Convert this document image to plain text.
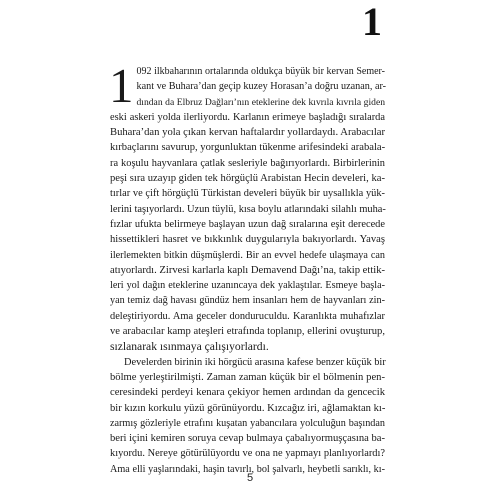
1

1 092 ilkbaharının ortalarında oldukça büyük bir kervan Semer-
kant ve Buhara’dan geçip kuzey Horasan’a doğru uzanan, ar-
dından da Elbruz Dağları’nın eteklerine dek kıvrıla kıvrıla giden
eski askeri yolda ilerliyordu. Karlanın erimeye başladığı sıralarda
Buhara’dan yola çıkan kervan haftalardır yollardaydı. Arabacılar
kırbaçlarını savurup, yorgunluktan tükenme arifesindeki arabala-
ra koşulu hayvanlara çatlak sesleriyle bağırıyorlardı. Birbirlerinin
peşi sıra uzayıp giden tek hörgüçlü Arabistan Hecin develeri, ka-
tırlar ve çift hörgüçlü Türkistan develeri büyük bir uysallıkla yük-
lerini taşıyorlardı. Uzun tüylü, kısa boylu atlarındaki silahlı muha-
fızlar ufukta belirmeye başlayan uzun dağ sıralarına eşit derecede
hissettikleri hasret ve bıkkınlık duygularıyla bakıyorlardı. Yavaş
ilerlemekten bitkin düşmüşlerdi. Bir an evvel hedefe ulaşmaya can
atıyorlardı. Zirvesi karlarla kaplı Demavend Dağı’na, takip ettik-
leri yol dağın eteklerine uzanıncaya dek yaklaştılar. Esmeye başla-
yan temiz dağ havası gündüz hem insanları hem de hayvanları zin-
deleştiriyordu. Ama geceler donduruculdu. Karanlıkta muhafızlar
ve arabacılar kamp ateşleri etrafında toplanıp, ellerini ovuşturup,
sızlanarak ısınmaya çalışıyorlardı.

Develerden birinin iki hörgücü arasına kafese benzer küçük bir
bölme yerleştirilmişti. Zaman zaman küçük bir el bölmenin pen-
ceresindeki perdeyi kenara çekiyor hemen ardından da gencecik
bir kızın korkulu yüzü görünüyordu. Kızcağız iri, ağlamaktan kı-
zarmış gözleriyle etrafını kuşatan yabancılara yolculuğun başından
beri içini kemiren soruya cevap bulmaya çabalıyormuşçasına ba-
kıyordu. Nereye götürülüyordu ve ona ne yapmayı planlıyorlardı?
Ama elli yaşlarındaki, haşin tavırlı, bol şalvarlı, heybetli sarıklı, kı-

5
